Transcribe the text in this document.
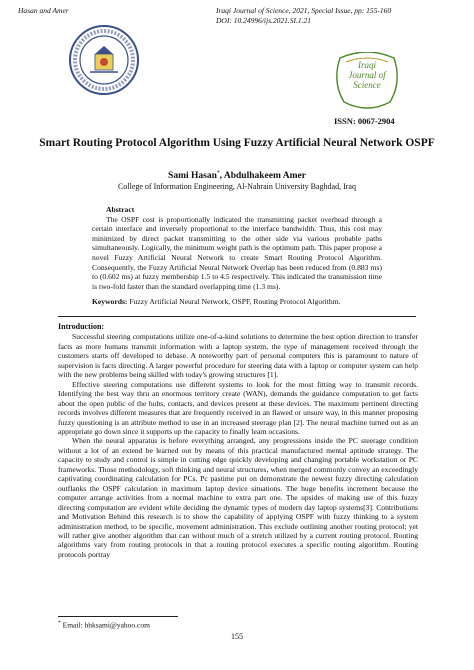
Hasan and Amer	Iraqi Journal of Science, 2021, Special Issue, pp: 155-160
DOI: 10.24996/ijs.2021.SI.1.21
Iraqi
Journal of
Science
ISSN: 0067-2904
Smart Routing Protocol Algorithm Using Fuzzy Artificial Neural Network OSPF
Sami Hasan*, Abdulhakeem Amer
College of Information Engineering, Al-Nahrain University Baghdad, Iraq
Abstract
The OSPF cost is proportionally indicated the transmitting packet overhead through a certain interface and inversely proportional to the interface bandwidth. Thus, this cost may minimized by direct packet transmitting to the other side via various probable paths simultaneously. Logically, the minimum weight path is the optimum path. This paper propose a novel Fuzzy Artificial Neural Network to create Smart Routing Protocol Algorithm. Consequently, the Fuzzy Artificial Neural Network Overlap has been reduced from (0.883 ms) to (0.602 ms) at fuzzy membership 1.5 to 4.5 respectively. This indicated the transmission time is two-fold faster than the standard overlapping time (1.3 ms).
Keywords: Fuzzy Artificial Neural Network, OSPF, Routing Protocol Algorithm.
Introduction:

Successful steering computations utilize one-of-a-kind solutions to determine the best option direction to transfer facts as more humans transmit information with a laptop system, the type of management received through the customers starts off developed to debase. A noteworthy part of personal computers this is paramount to nature of supervision is facts directing. A larger powerful procedure for steering data with a laptop or computer system can help with the new problems being skilled with today's growing structures [1].

Effective steering computations use different systems to look for the most fitting way to transmit records. Identifying the best way thru an enormous territory create (WAN), demands the guidance computation to get facts about the open public of the hubs, contacts, and devices present at these devices. The maximum pertinent directing records involves different measures that are frequently received in an flawed or unsure way, in this manner proposing fuzzy questioning is an attribute method to use in an increased steerage plan [2]. The neural machine turned out as an appropriate go down since it supports up the capacity to finally learn occasions.

When the neural apparatus is before everything arranged, any progressions inside the PC steerage condition without a lot of an extend be learned out by means of this practical manufactured mental aptitude strategy. The capacity to study and control is simple in cutting edge quickly developing and changing portable workstation or PC frameworks. Those methodology, soft thinking and neural structures, when merged commonly convey an exceedingly captivating coordinating calculation for PCs. Pc pastime put on demonstrate the newest fuzzy directing calculation outflanks the OSPF calculation in maximum laptop device situations. The huge benefits increment because the computer arrange activities from a normal machine to extra part one. The upsides of making use of this fuzzy directing computation are evident while deciding the dynamic types of modern day laptop systems[3]. Contributions and Motivation Behind this research is to show the capability of applying OSPF with fuzzy thinking to a system administration method, to be specific, movement administration. This exclude outlining another routing protocol; yet will rather give another algorithm that can without much of a stretch utilized by a current routing protocol. Routing algorithms vary from routing protocols in that a routing protocol executes a specific routing algorithm. Routing protocols portray

* Email: hhksami@yahoo.com
155
